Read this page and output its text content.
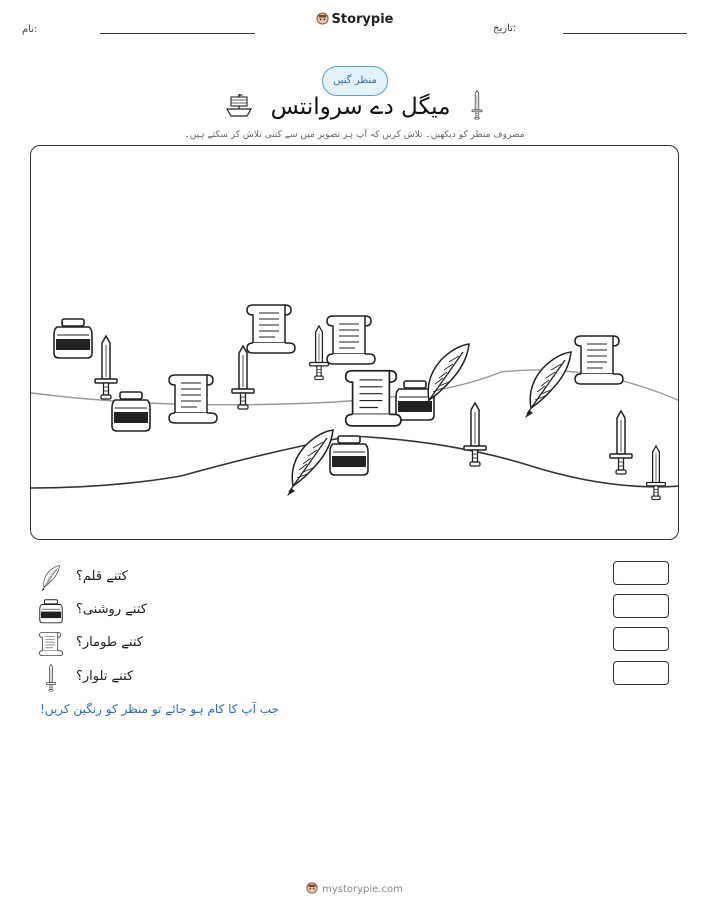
نام:	تاریخ:
Storypie
منظر گنیں
میگل دے سروانتس
مصروف منظر کو دیکھیں۔ تلاش کریں کہ آپ ہر تصویر میں سے کتنی تلاش کر سکتے ہیں۔
کتنے قلم؟
کتنے روشنی؟
کتنے طومار؟
کتنے تلوار؟
جب آپ کا کام ہو جائے تو منظر کو رنگین کریں!
mystorypie.com
